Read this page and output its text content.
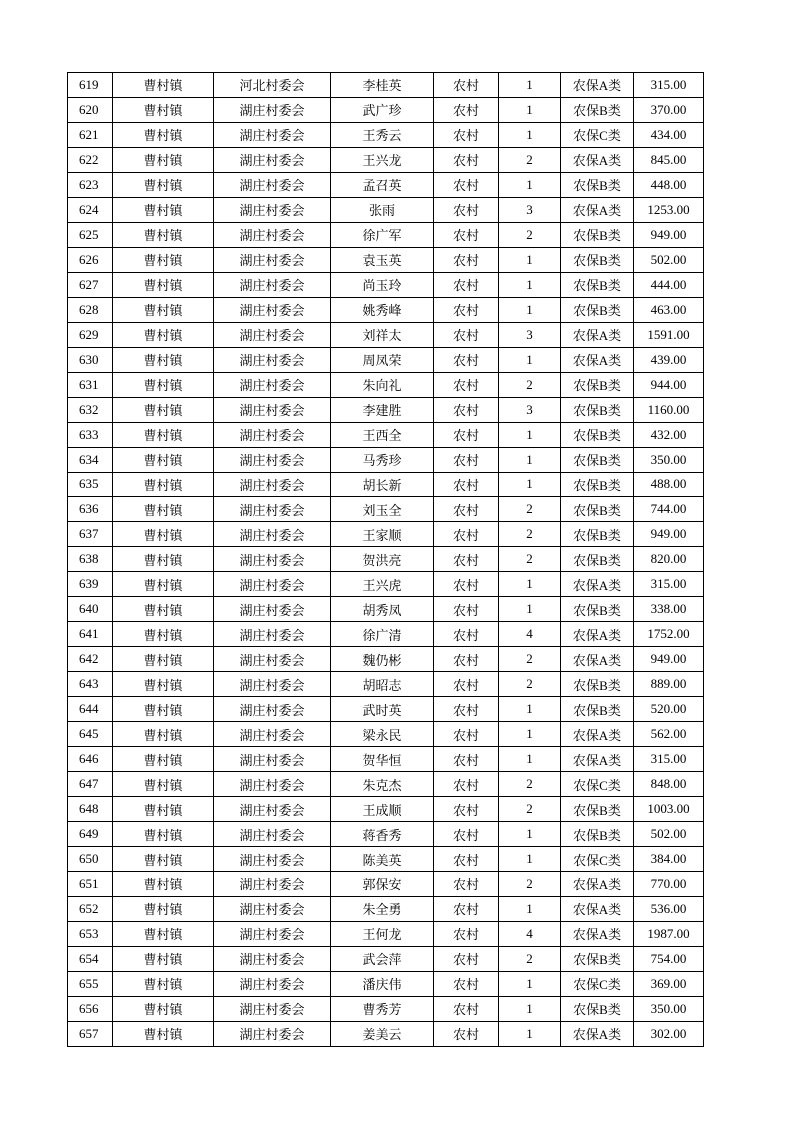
619	曹村镇	河北村委会	李桂英	农村	1	农保A类	315.00
620	曹村镇	湖庄村委会	武广珍	农村	1	农保B类	370.00
621	曹村镇	湖庄村委会	王秀云	农村	1	农保C类	434.00
622	曹村镇	湖庄村委会	王兴龙	农村	2	农保A类	845.00
623	曹村镇	湖庄村委会	孟召英	农村	1	农保B类	448.00
624	曹村镇	湖庄村委会	张雨	农村	3	农保A类	1253.00
625	曹村镇	湖庄村委会	徐广军	农村	2	农保B类	949.00
626	曹村镇	湖庄村委会	袁玉英	农村	1	农保B类	502.00
627	曹村镇	湖庄村委会	尚玉玲	农村	1	农保B类	444.00
628	曹村镇	湖庄村委会	姚秀峰	农村	1	农保B类	463.00
629	曹村镇	湖庄村委会	刘祥太	农村	3	农保A类	1591.00
630	曹村镇	湖庄村委会	周凤荣	农村	1	农保A类	439.00
631	曹村镇	湖庄村委会	朱向礼	农村	2	农保B类	944.00
632	曹村镇	湖庄村委会	李建胜	农村	3	农保B类	1160.00
633	曹村镇	湖庄村委会	王西全	农村	1	农保B类	432.00
634	曹村镇	湖庄村委会	马秀珍	农村	1	农保B类	350.00
635	曹村镇	湖庄村委会	胡长新	农村	1	农保B类	488.00
636	曹村镇	湖庄村委会	刘玉全	农村	2	农保B类	744.00
637	曹村镇	湖庄村委会	王家顺	农村	2	农保B类	949.00
638	曹村镇	湖庄村委会	贺洪亮	农村	2	农保B类	820.00
639	曹村镇	湖庄村委会	王兴虎	农村	1	农保A类	315.00
640	曹村镇	湖庄村委会	胡秀凤	农村	1	农保B类	338.00
641	曹村镇	湖庄村委会	徐广清	农村	4	农保A类	1752.00
642	曹村镇	湖庄村委会	魏仍彬	农村	2	农保A类	949.00
643	曹村镇	湖庄村委会	胡昭志	农村	2	农保B类	889.00
644	曹村镇	湖庄村委会	武时英	农村	1	农保B类	520.00
645	曹村镇	湖庄村委会	梁永民	农村	1	农保A类	562.00
646	曹村镇	湖庄村委会	贺华恒	农村	1	农保A类	315.00
647	曹村镇	湖庄村委会	朱克杰	农村	2	农保C类	848.00
648	曹村镇	湖庄村委会	王成顺	农村	2	农保B类	1003.00
649	曹村镇	湖庄村委会	蒋香秀	农村	1	农保B类	502.00
650	曹村镇	湖庄村委会	陈美英	农村	1	农保C类	384.00
651	曹村镇	湖庄村委会	郭保安	农村	2	农保A类	770.00
652	曹村镇	湖庄村委会	朱全勇	农村	1	农保A类	536.00
653	曹村镇	湖庄村委会	王何龙	农村	4	农保A类	1987.00
654	曹村镇	湖庄村委会	武会萍	农村	2	农保B类	754.00
655	曹村镇	湖庄村委会	潘庆伟	农村	1	农保C类	369.00
656	曹村镇	湖庄村委会	曹秀芳	农村	1	农保B类	350.00
657	曹村镇	湖庄村委会	姜美云	农村	1	农保A类	302.00
